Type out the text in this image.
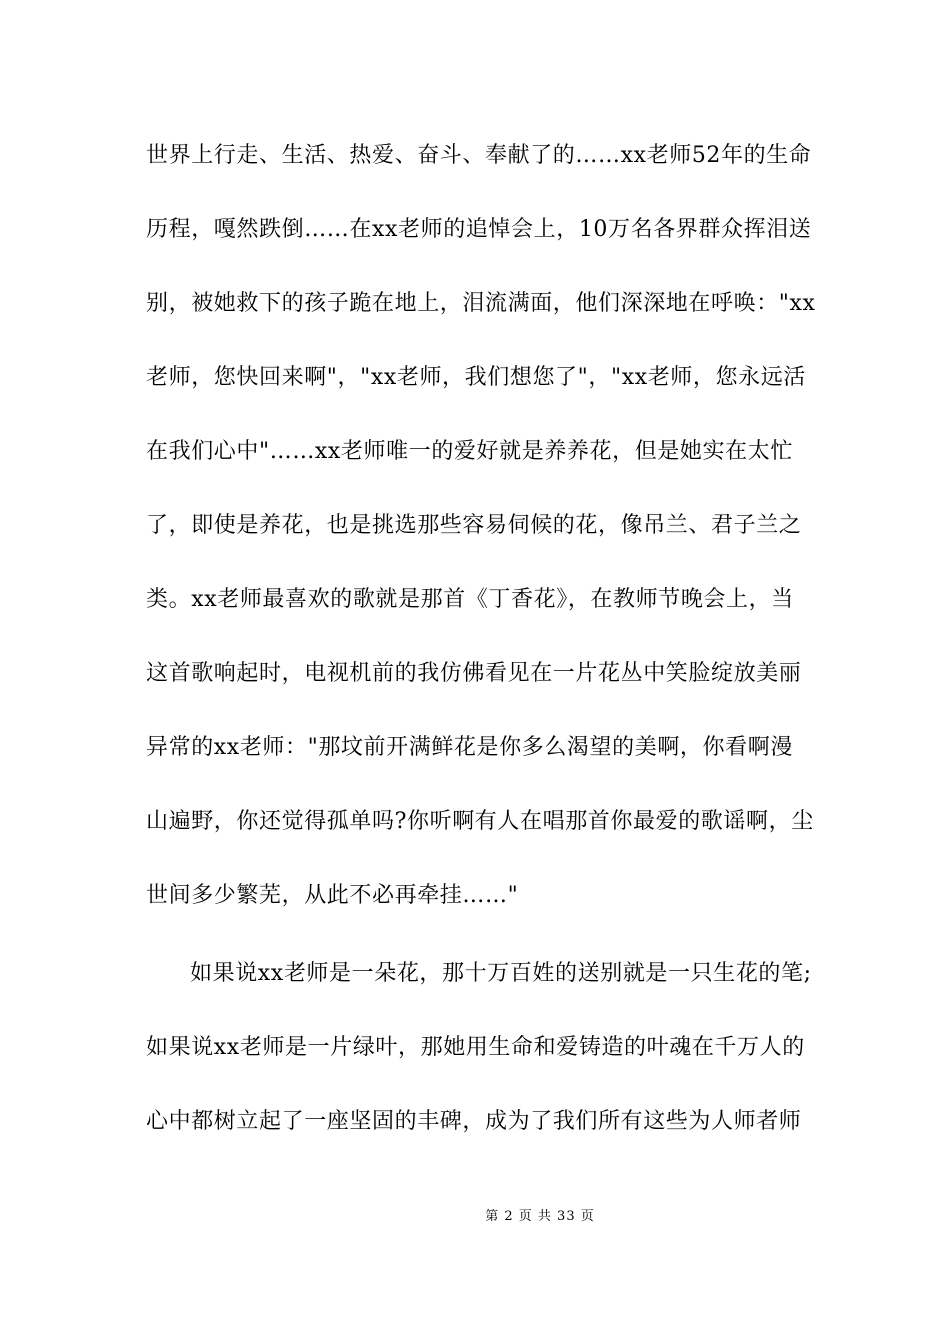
世界上行走、生活、热爱、奋斗、奉献了的……xx老师52年的生命
历程，嘎然跌倒……在xx老师的追悼会上，10万名各界群众挥泪送
别，被她救下的孩子跪在地上，泪流满面，他们深深地在呼唤："xx
老师，您快回来啊"，"xx老师，我们想您了"，"xx老师，您永远活
在我们心中"……xx老师唯一的爱好就是养养花，但是她实在太忙
了，即使是养花，也是挑选那些容易伺候的花，像吊兰、君子兰之
类。xx老师最喜欢的歌就是那首《丁香花》，在教师节晚会上，当
这首歌响起时，电视机前的我仿佛看见在一片花丛中笑脸绽放美丽
异常的xx老师："那坟前开满鲜花是你多么渴望的美啊，你看啊漫
山遍野，你还觉得孤单吗?你听啊有人在唱那首你最爱的歌谣啊，尘
世间多少繁芜，从此不必再牵挂……"
如果说xx老师是一朵花，那十万百姓的送别就是一只生花的笔;
如果说xx老师是一片绿叶，那她用生命和爱铸造的叶魂在千万人的
心中都树立起了一座坚固的丰碑，成为了我们所有这些为人师者师
第 2 页 共 33 页
